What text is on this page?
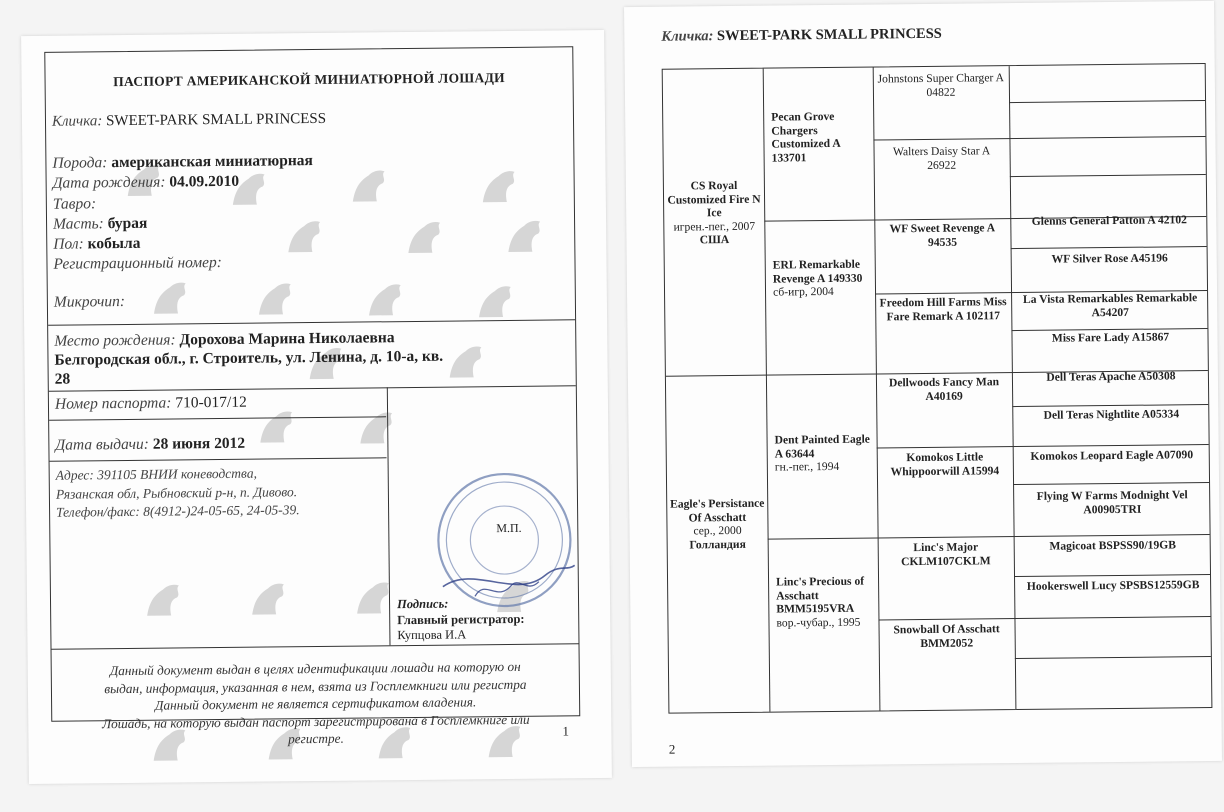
ПАСПОРТ АМЕРИКАНСКОЙ МИНИАТЮРНОЙ ЛОШАДИ
Кличка: SWEET-PARK SMALL PRINCESS
Порода: американская миниатюрная
Дата рождения: 04.09.2010
Тавро:
Масть: бурая
Пол: кобыла
Регистрационный номер:
Микрочип:
Место рождения: Дорохова Марина Николаевна
Белгородская обл., г. Строитель, ул. Ленина, д. 10-а, кв.
28
Номер паспорта: 710-017/12
Дата выдачи: 28 июня 2012
Адрес: 391105 ВНИИ коневодства,
Рязанская обл, Рыбновский р-н, п. Дивово.
Телефон/факс: 8(4912-)24-05-65, 24-05-39.
М.П.
Подпись:
Главный регистратор:
Купцова И.А
Данный документ выдан в целях идентификации лошади на которую он
выдан, информация, указанная в нем, взята из Госплемкниги или регистра
Данный документ не является сертификатом владения.
Лошадь, на которую выдан паспорт зарегистрирована в Госплемкниге или
регистре.	1
Кличка: SWEET-PARK SMALL PRINCESS
CS Royal Customized Fire N Ice
игрен.-пег., 2007
США
Eagle's Persistance Of Asschatt
сер., 2000
Голландия
Pecan Grove Chargers Customized A 133701
ERL Remarkable Revenge A 149330
сб-игр, 2004
Dent Painted Eagle A 63644
гн.-пег., 1994
Linc's Precious of Asschatt BMM5195VRA
вор.-чубар., 1995
Johnstons Super Charger A 04822
Walters Daisy Star A 26922
WF Sweet Revenge A 94535
Freedom Hill Farms Miss Fare Remark A 102117
Dellwoods Fancy Man A40169
Komokos Little Whippoorwill A15994
Linc's Major CKLM107CKLM
Snowball Of Asschatt BMM2052
Glenns General Patton A 42102
WF Silver Rose A45196
La Vista Remarkables Remarkable A54207
Miss Fare Lady A15867
Dell Teras Apache A50308
Dell Teras Nightlite A05334
Komokos Leopard Eagle A07090
Flying W Farms Modnight Vel A00905TRI
Magicoat BSPSS90/19GB
Hookerswell Lucy SPSBS12559GB
2
